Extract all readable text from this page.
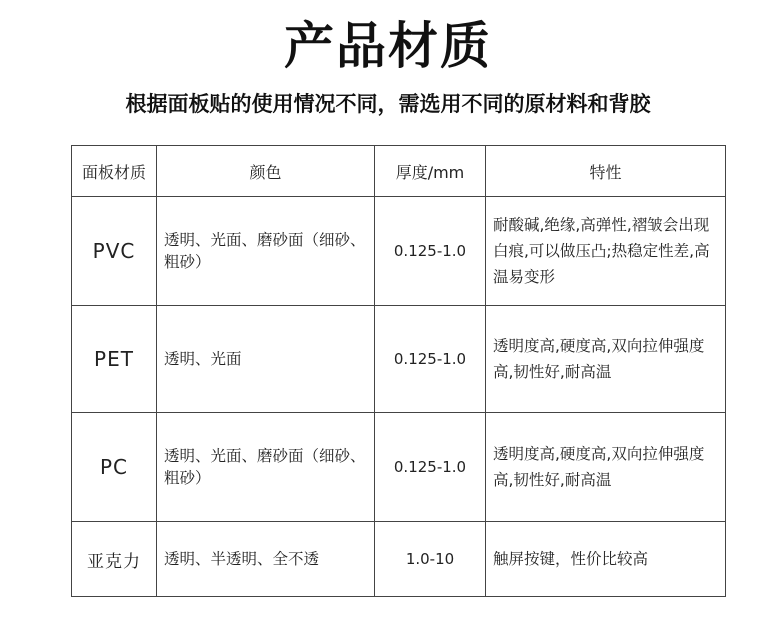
产品材质
根据面板贴的使用情况不同，需选用不同的原材料和背胶
面板材质	颜色	厚度/mm	特性
PVC	透明、光面、磨砂面（细砂、粗砂）	0.125-1.0	耐酸碱,绝缘,高弹性,褶皱会出现白痕,可以做压凸;热稳定性差,高温易变形
PET	透明、光面	0.125-1.0	透明度高,硬度高,双向拉伸强度高,韧性好,耐高温
PC	透明、光面、磨砂面（细砂、粗砂）	0.125-1.0	透明度高,硬度高,双向拉伸强度高,韧性好,耐高温
亚克力	透明、半透明、全不透	1.0-10	触屏按键，性价比较高
